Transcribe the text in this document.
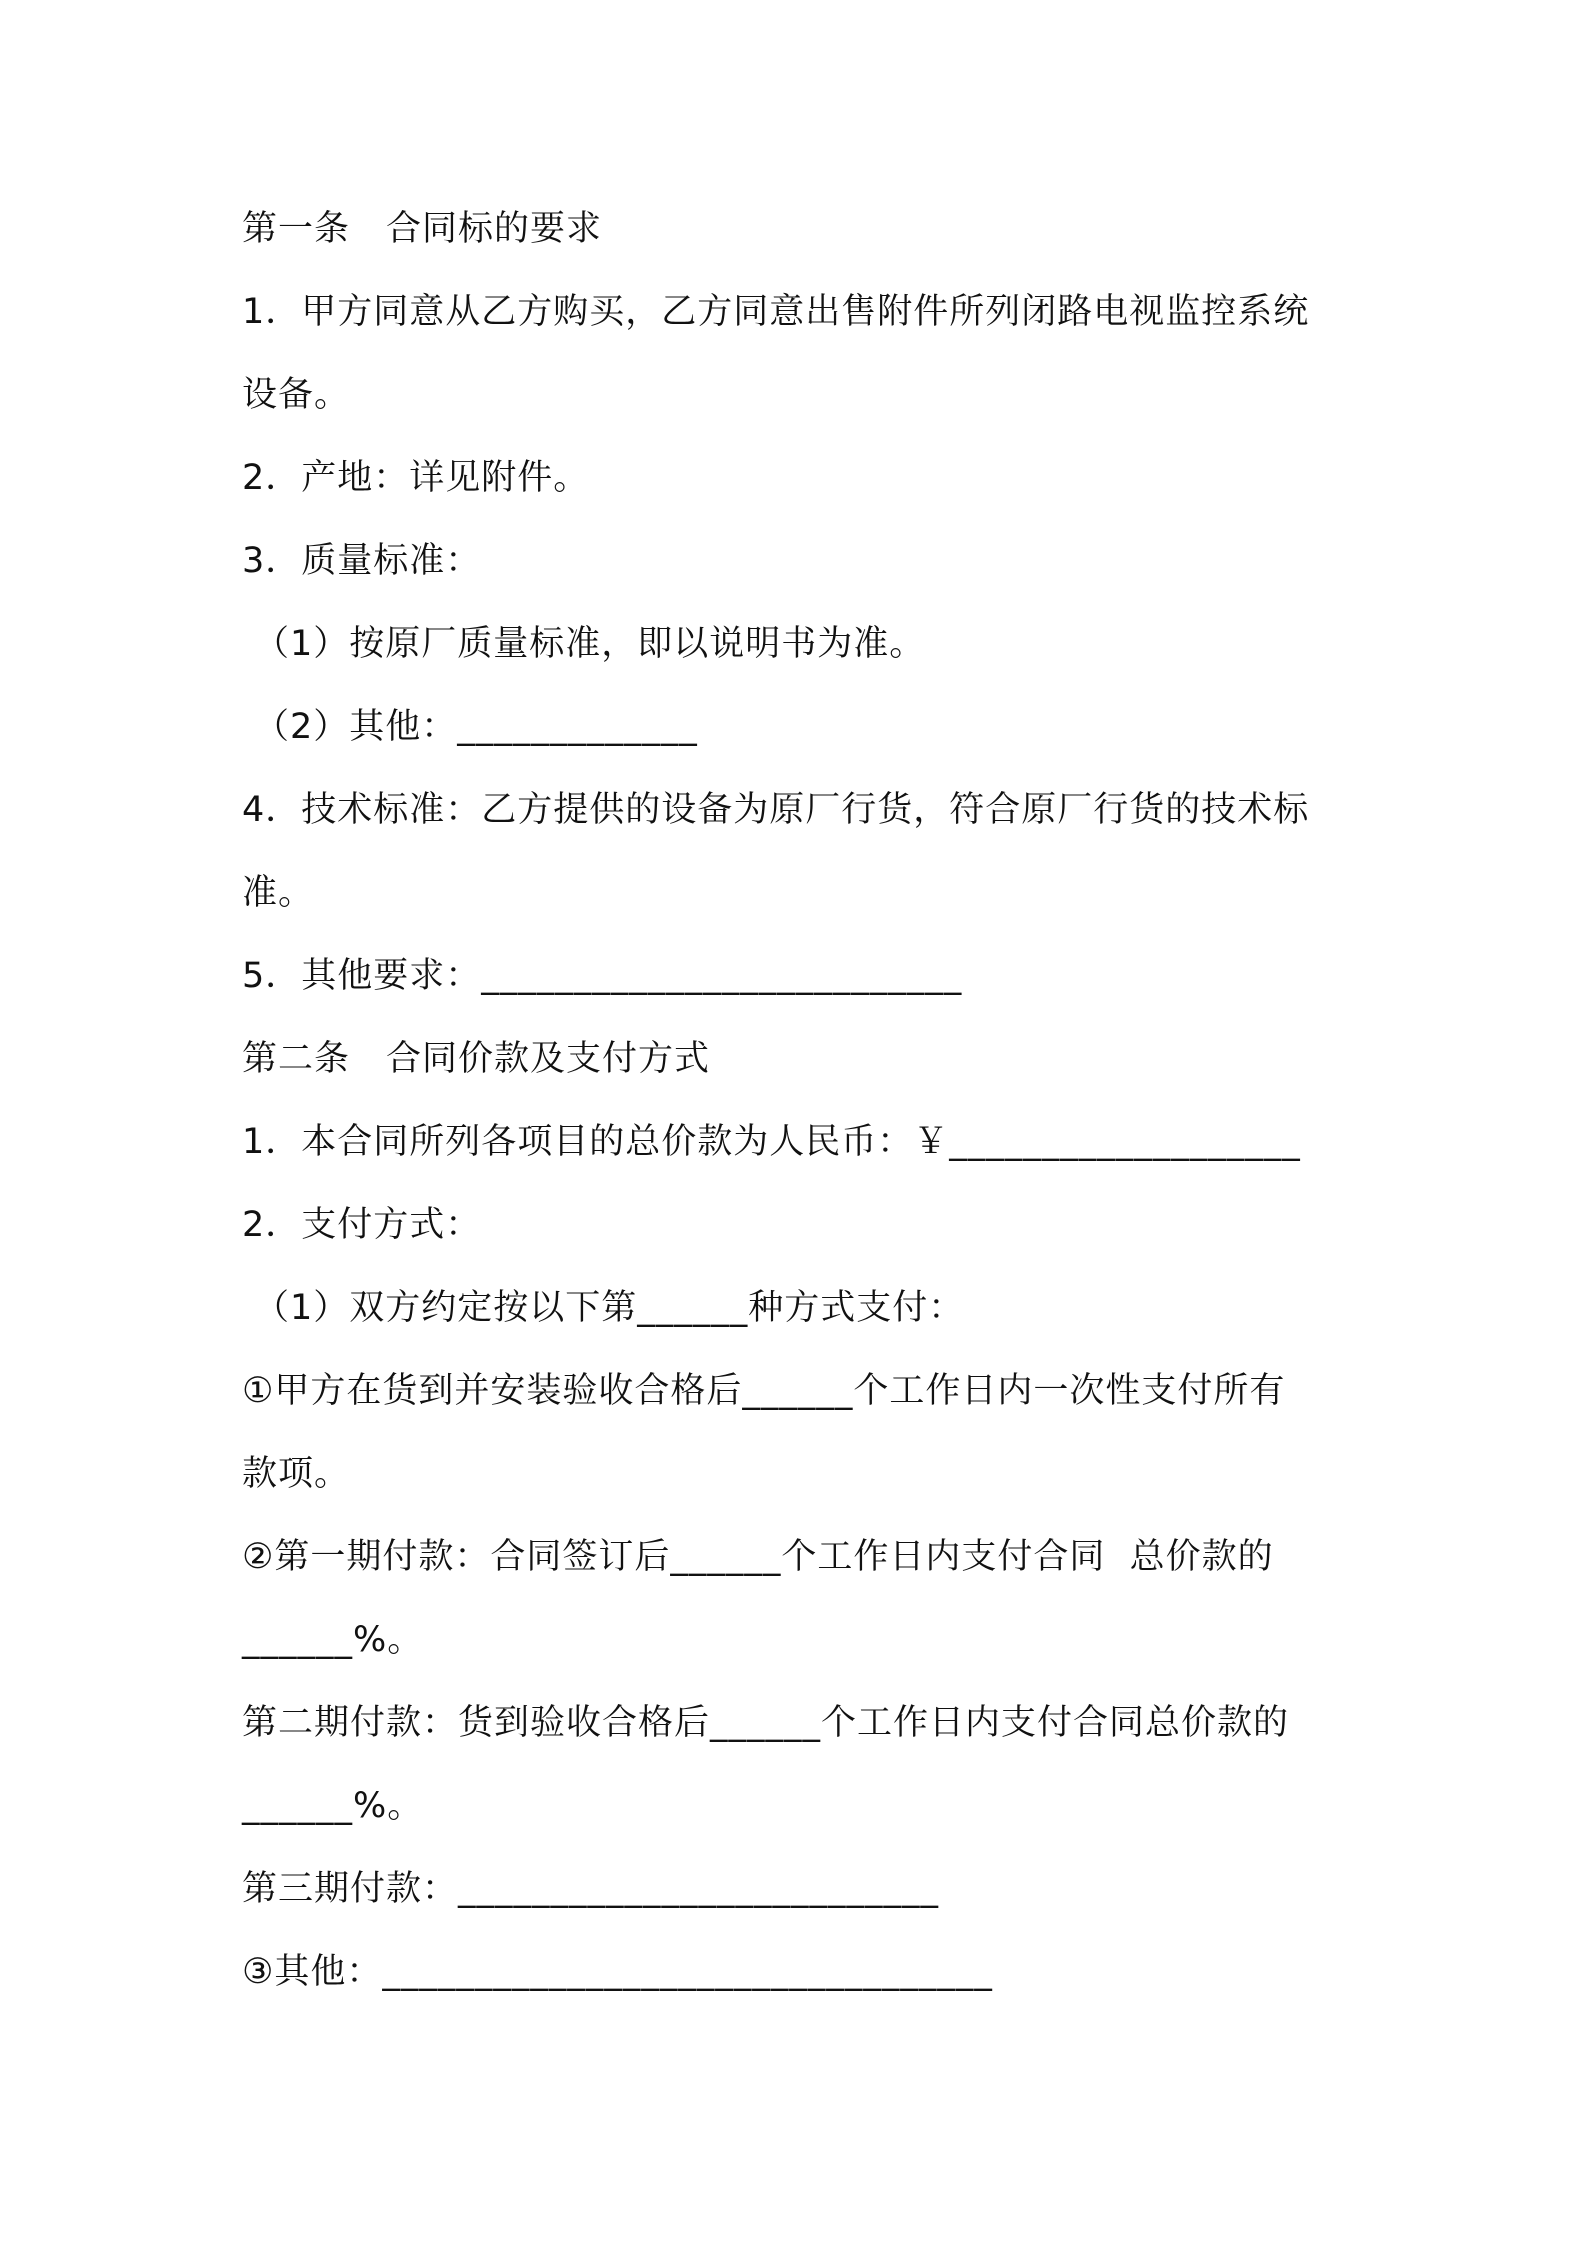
第一条　合同标的要求
1．甲方同意从乙方购买，乙方同意出售附件所列闭路电视监控系统
设备。
2．产地：详见附件。
3．质量标准：
（1）按原厂质量标准，即以说明书为准。
（2）其他：_____________
4．技术标准：乙方提供的设备为原厂行货，符合原厂行货的技术标
准。
5．其他要求：__________________________
第二条　合同价款及支付方式
1．本合同所列各项目的总价款为人民币：￥___________________
2．支付方式：
（1）双方约定按以下第______种方式支付：
①甲方在货到并安装验收合格后______个工作日内一次性支付所有
款项。
②第一期付款：合同签订后______个工作日内支付合同  总价款的
______%。
第二期付款：货到验收合格后______个工作日内支付合同总价款的
______%。
第三期付款：__________________________
③其他：_________________________________
